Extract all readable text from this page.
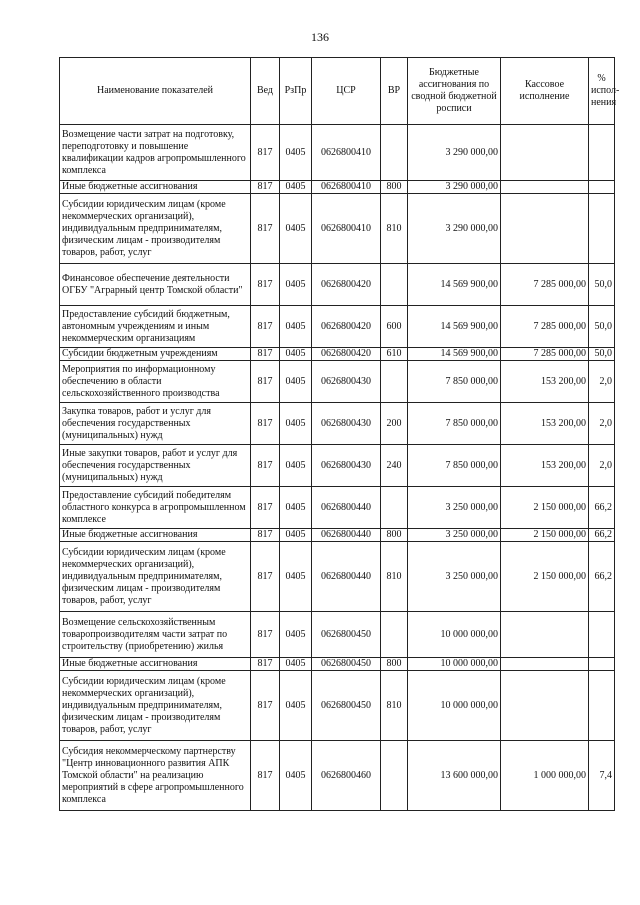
136
Наименование показателей	Вед	РзПр	ЦСР	ВР	Бюджетные ассигнования по сводной бюджетной росписи	Кассовое исполнение	% испол-нения
Возмещение части затрат на подготовку, переподготовку и повышение квалификации кадров агропромышленного комплекса	817	0405	0626800410		3 290 000,00		
Иные бюджетные ассигнования	817	0405	0626800410	800	3 290 000,00		
Субсидии юридическим лицам (кроме некоммерческих организаций), индивидуальным предпринимателям, физическим лицам - производителям товаров, работ, услуг	817	0405	0626800410	810	3 290 000,00		
Финансовое обеспечение деятельности ОГБУ "Аграрный центр Томской области"	817	0405	0626800420		14 569 900,00	7 285 000,00	50,0
Предоставление субсидий бюджетным, автономным учреждениям и иным некоммерческим организациям	817	0405	0626800420	600	14 569 900,00	7 285 000,00	50,0
Субсидии бюджетным учреждениям	817	0405	0626800420	610	14 569 900,00	7 285 000,00	50,0
Мероприятия по информационному обеспечению в области сельскохозяйственного производства	817	0405	0626800430		7 850 000,00	153 200,00	2,0
Закупка товаров, работ и услуг для обеспечения государственных (муниципальных) нужд	817	0405	0626800430	200	7 850 000,00	153 200,00	2,0
Иные закупки товаров, работ и услуг для обеспечения государственных (муниципальных) нужд	817	0405	0626800430	240	7 850 000,00	153 200,00	2,0
Предоставление субсидий победителям областного конкурса в агропромышленном комплексе	817	0405	0626800440		3 250 000,00	2 150 000,00	66,2
Иные бюджетные ассигнования	817	0405	0626800440	800	3 250 000,00	2 150 000,00	66,2
Субсидии юридическим лицам (кроме некоммерческих организаций), индивидуальным предпринимателям, физическим лицам - производителям товаров, работ, услуг	817	0405	0626800440	810	3 250 000,00	2 150 000,00	66,2
Возмещение сельскохозяйственным товаропроизводителям части затрат по строительству (приобретению) жилья	817	0405	0626800450		10 000 000,00		
Иные бюджетные ассигнования	817	0405	0626800450	800	10 000 000,00		
Субсидии юридическим лицам (кроме некоммерческих организаций), индивидуальным предпринимателям, физическим лицам - производителям товаров, работ, услуг	817	0405	0626800450	810	10 000 000,00		
Субсидия некоммерческому партнерству "Центр инновационного развития АПК Томской области" на реализацию мероприятий в сфере агропромышленного комплекса	817	0405	0626800460		13 600 000,00	1 000 000,00	7,4
